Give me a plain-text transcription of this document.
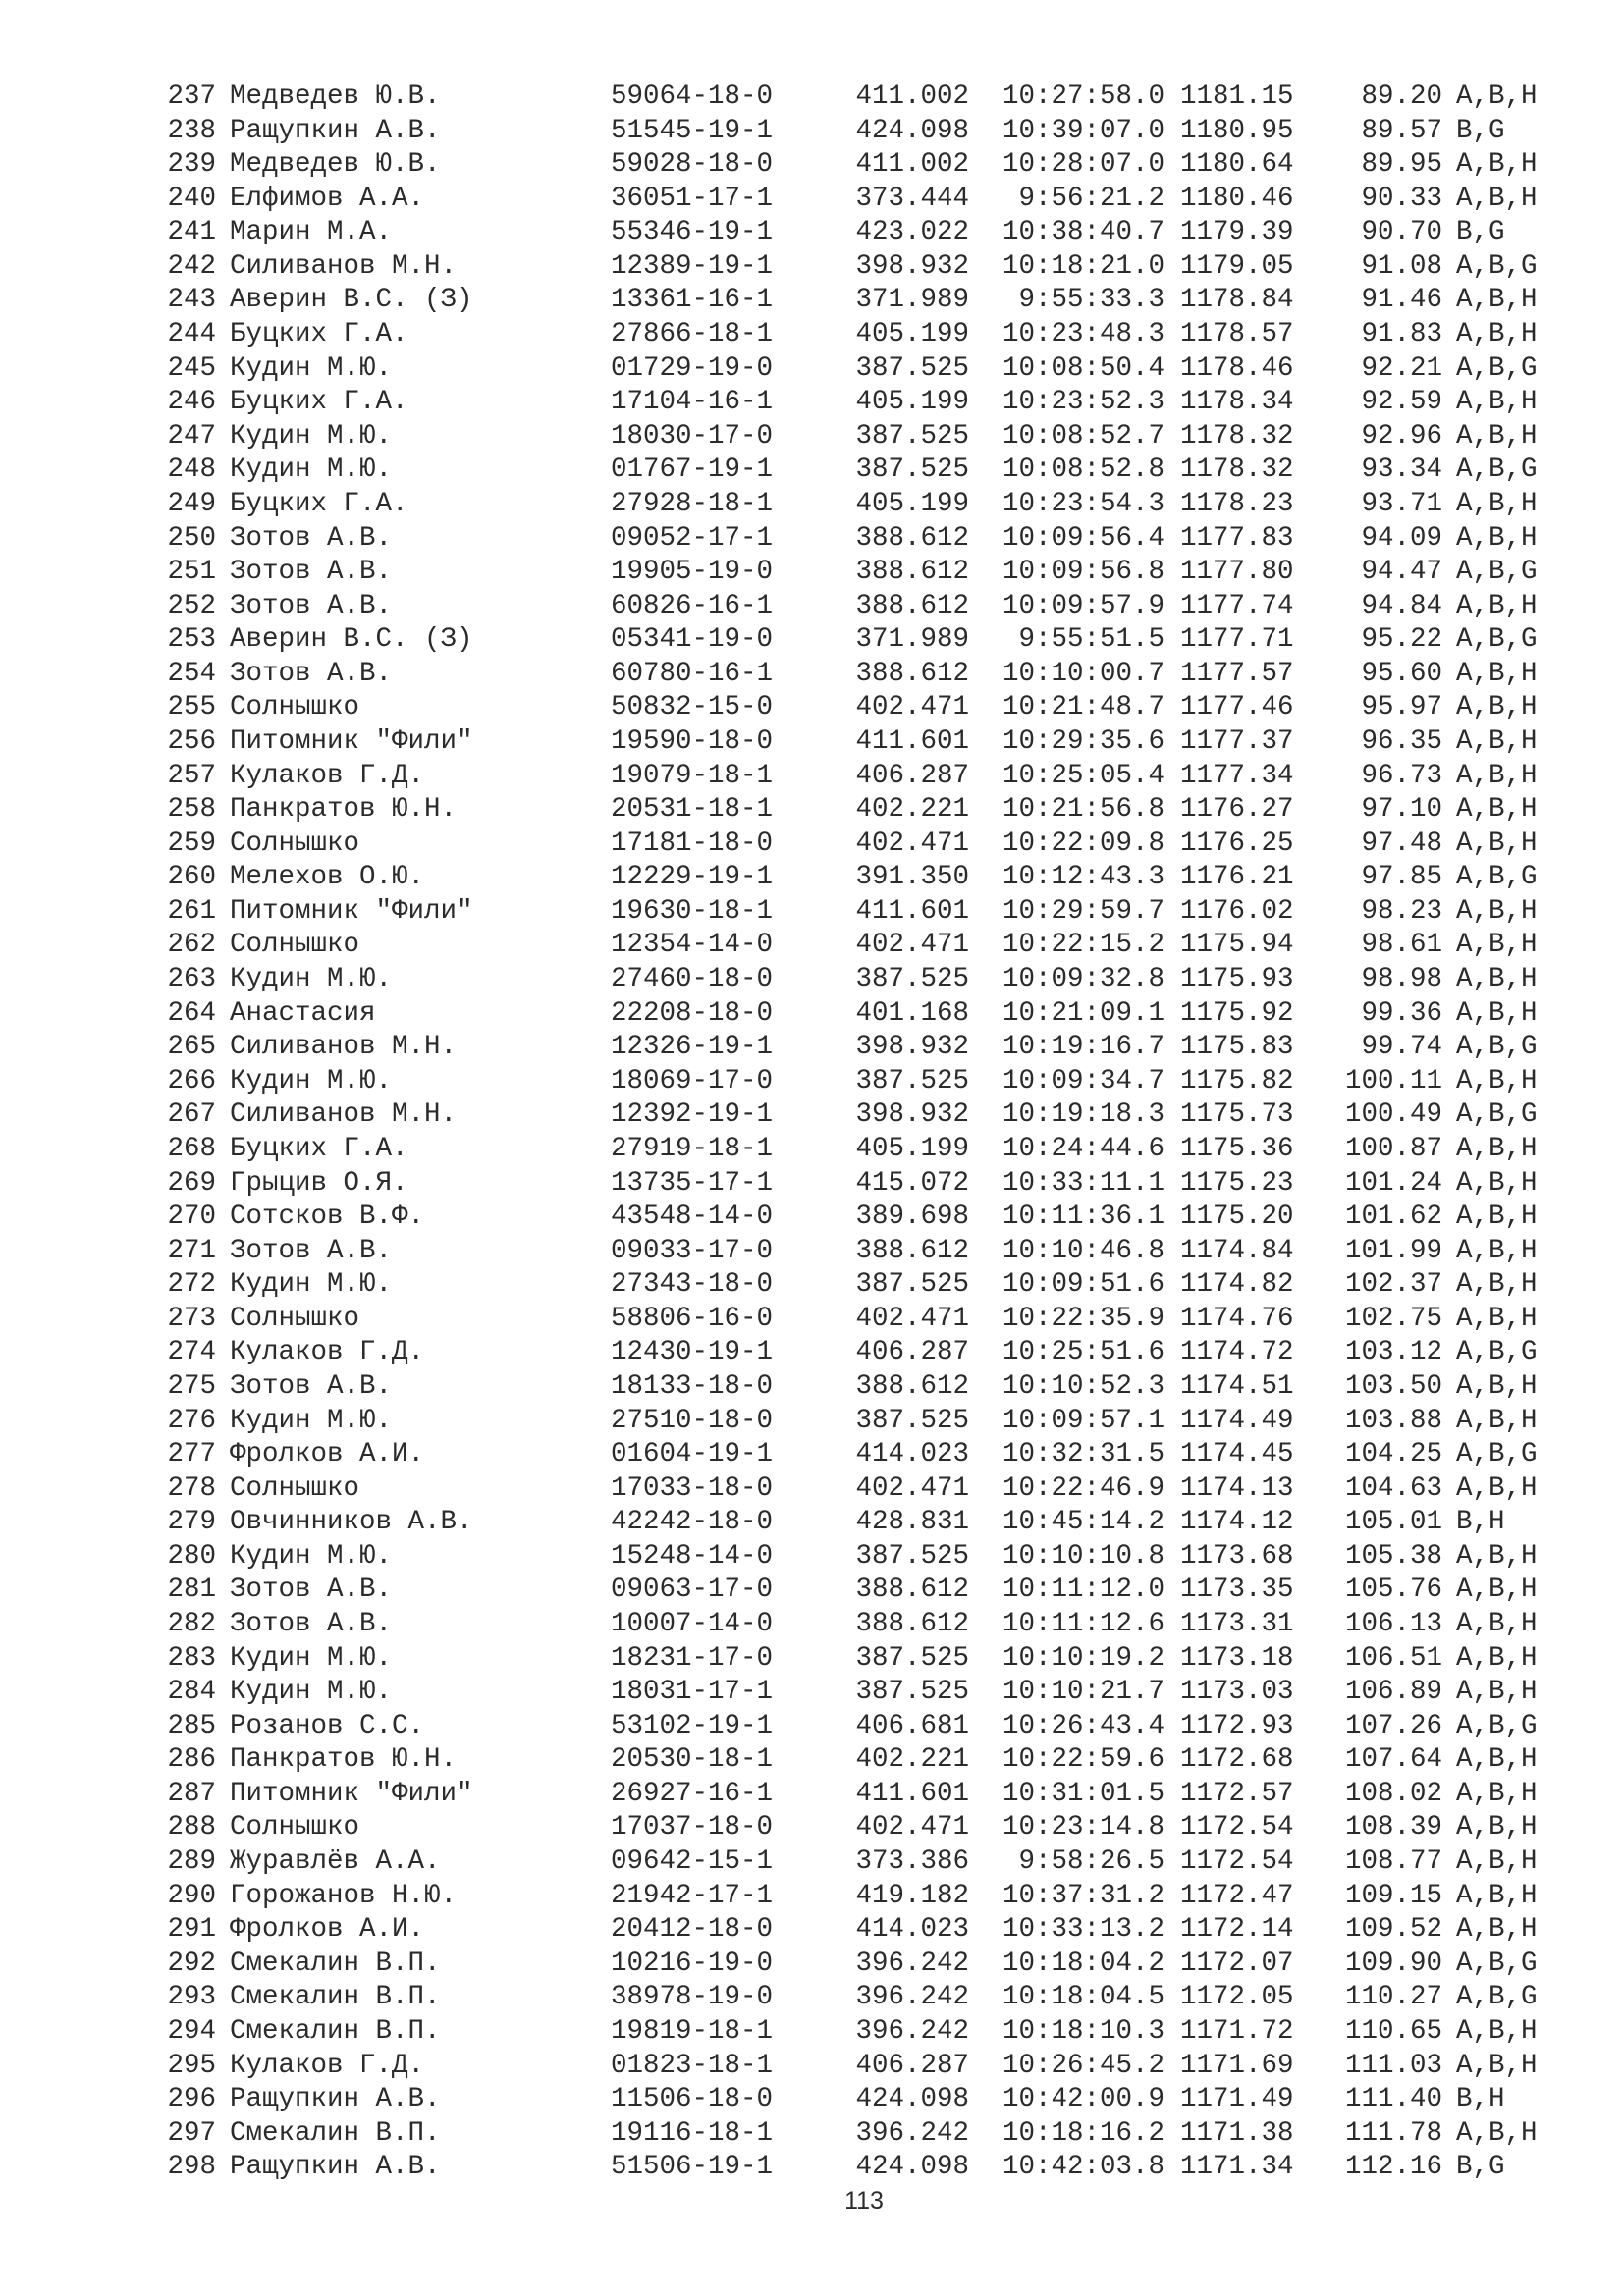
237 Медведев Ю.В.	59064-18-0	411.002	10:27:58.0 1181.15	89.20 A,B,H
238 Ращупкин А.В.	51545-19-1	424.098	10:39:07.0 1180.95	89.57 B,G
239 Медведев Ю.В.	59028-18-0	411.002	10:28:07.0 1180.64	89.95 A,B,H
240 Елфимов А.А.	36051-17-1	373.444	9:56:21.2 1180.46	90.33 A,B,H
241 Марин М.А.	55346-19-1	423.022	10:38:40.7 1179.39	90.70 B,G
242 Силиванов М.Н.	12389-19-1	398.932	10:18:21.0 1179.05	91.08 A,B,G
243 Аверин В.С. (З)	13361-16-1	371.989	9:55:33.3 1178.84	91.46 A,B,H
244 Буцких Г.А.	27866-18-1	405.199	10:23:48.3 1178.57	91.83 A,B,H
245 Кудин М.Ю.	01729-19-0	387.525	10:08:50.4 1178.46	92.21 A,B,G
246 Буцких Г.А.	17104-16-1	405.199	10:23:52.3 1178.34	92.59 A,B,H
247 Кудин М.Ю.	18030-17-0	387.525	10:08:52.7 1178.32	92.96 A,B,H
248 Кудин М.Ю.	01767-19-1	387.525	10:08:52.8 1178.32	93.34 A,B,G
249 Буцких Г.А.	27928-18-1	405.199	10:23:54.3 1178.23	93.71 A,B,H
250 Зотов А.В.	09052-17-1	388.612	10:09:56.4 1177.83	94.09 A,B,H
251 Зотов А.В.	19905-19-0	388.612	10:09:56.8 1177.80	94.47 A,B,G
252 Зотов А.В.	60826-16-1	388.612	10:09:57.9 1177.74	94.84 A,B,H
253 Аверин В.С. (З)	05341-19-0	371.989	9:55:51.5 1177.71	95.22 A,B,G
254 Зотов А.В.	60780-16-1	388.612	10:10:00.7 1177.57	95.60 A,B,H
255 Солнышко	50832-15-0	402.471	10:21:48.7 1177.46	95.97 A,B,H
256 Питомник "Фили"	19590-18-0	411.601	10:29:35.6 1177.37	96.35 A,B,H
257 Кулаков Г.Д.	19079-18-1	406.287	10:25:05.4 1177.34	96.73 A,B,H
258 Панкратов Ю.Н.	20531-18-1	402.221	10:21:56.8 1176.27	97.10 A,B,H
259 Солнышко	17181-18-0	402.471	10:22:09.8 1176.25	97.48 A,B,H
260 Мелехов О.Ю.	12229-19-1	391.350	10:12:43.3 1176.21	97.85 A,B,G
261 Питомник "Фили"	19630-18-1	411.601	10:29:59.7 1176.02	98.23 A,B,H
262 Солнышко	12354-14-0	402.471	10:22:15.2 1175.94	98.61 A,B,H
263 Кудин М.Ю.	27460-18-0	387.525	10:09:32.8 1175.93	98.98 A,B,H
264 Анастасия	22208-18-0	401.168	10:21:09.1 1175.92	99.36 A,B,H
265 Силиванов М.Н.	12326-19-1	398.932	10:19:16.7 1175.83	99.74 A,B,G
266 Кудин М.Ю.	18069-17-0	387.525	10:09:34.7 1175.82	100.11 A,B,H
267 Силиванов М.Н.	12392-19-1	398.932	10:19:18.3 1175.73	100.49 A,B,G
268 Буцких Г.А.	27919-18-1	405.199	10:24:44.6 1175.36	100.87 A,B,H
269 Грыцив О.Я.	13735-17-1	415.072	10:33:11.1 1175.23	101.24 A,B,H
270 Сотсков В.Ф.	43548-14-0	389.698	10:11:36.1 1175.20	101.62 A,B,H
271 Зотов А.В.	09033-17-0	388.612	10:10:46.8 1174.84	101.99 A,B,H
272 Кудин М.Ю.	27343-18-0	387.525	10:09:51.6 1174.82	102.37 A,B,H
273 Солнышко	58806-16-0	402.471	10:22:35.9 1174.76	102.75 A,B,H
274 Кулаков Г.Д.	12430-19-1	406.287	10:25:51.6 1174.72	103.12 A,B,G
275 Зотов А.В.	18133-18-0	388.612	10:10:52.3 1174.51	103.50 A,B,H
276 Кудин М.Ю.	27510-18-0	387.525	10:09:57.1 1174.49	103.88 A,B,H
277 Фролков А.И.	01604-19-1	414.023	10:32:31.5 1174.45	104.25 A,B,G
278 Солнышко	17033-18-0	402.471	10:22:46.9 1174.13	104.63 A,B,H
279 Овчинников А.В.	42242-18-0	428.831	10:45:14.2 1174.12	105.01 B,H
280 Кудин М.Ю.	15248-14-0	387.525	10:10:10.8 1173.68	105.38 A,B,H
281 Зотов А.В.	09063-17-0	388.612	10:11:12.0 1173.35	105.76 A,B,H
282 Зотов А.В.	10007-14-0	388.612	10:11:12.6 1173.31	106.13 A,B,H
283 Кудин М.Ю.	18231-17-0	387.525	10:10:19.2 1173.18	106.51 A,B,H
284 Кудин М.Ю.	18031-17-1	387.525	10:10:21.7 1173.03	106.89 A,B,H
285 Розанов С.С.	53102-19-1	406.681	10:26:43.4 1172.93	107.26 A,B,G
286 Панкратов Ю.Н.	20530-18-1	402.221	10:22:59.6 1172.68	107.64 A,B,H
287 Питомник "Фили"	26927-16-1	411.601	10:31:01.5 1172.57	108.02 A,B,H
288 Солнышко	17037-18-0	402.471	10:23:14.8 1172.54	108.39 A,B,H
289 Журавлёв А.А.	09642-15-1	373.386	9:58:26.5 1172.54	108.77 A,B,H
290 Горожанов Н.Ю.	21942-17-1	419.182	10:37:31.2 1172.47	109.15 A,B,H
291 Фролков А.И.	20412-18-0	414.023	10:33:13.2 1172.14	109.52 A,B,H
292 Смекалин В.П.	10216-19-0	396.242	10:18:04.2 1172.07	109.90 A,B,G
293 Смекалин В.П.	38978-19-0	396.242	10:18:04.5 1172.05	110.27 A,B,G
294 Смекалин В.П.	19819-18-1	396.242	10:18:10.3 1171.72	110.65 A,B,H
295 Кулаков Г.Д.	01823-18-1	406.287	10:26:45.2 1171.69	111.03 A,B,H
296 Ращупкин А.В.	11506-18-0	424.098	10:42:00.9 1171.49	111.40 B,H
297 Смекалин В.П.	19116-18-1	396.242	10:18:16.2 1171.38	111.78 A,B,H
298 Ращупкин А.В.	51506-19-1	424.098	10:42:03.8 1171.34	112.16 B,G
113
